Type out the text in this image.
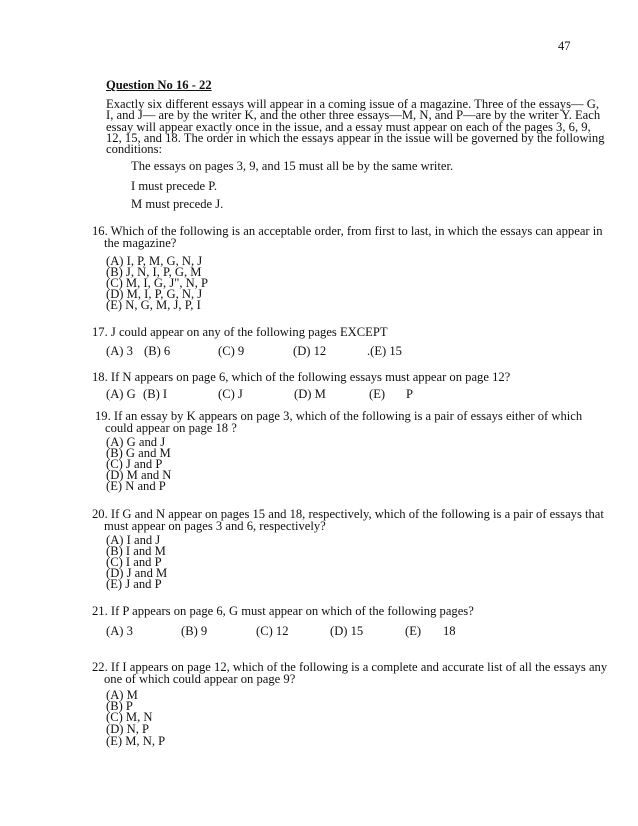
47
Question No 16 - 22
Exactly six different essays will appear in a coming issue of a magazine. Three of the essays— G, I, and J— are by the writer K, and the other three essays—M, N, and P—are by the writer Y. Each essay will appear exactly once in the issue, and a essay must appear on each of the pages 3, 6, 9, 12, 15, and 18. The order in which the essays appear in the issue will be governed by the following conditions:
The essays on pages 3, 9, and 15 must all be by the same writer.
I must precede P.
M must precede J.
16. Which of the following is an acceptable order, from first to last, in which the essays can appear in
the magazine?
(A) I, P, M, G, N, J
(B) J, N, I, P, G, M
(C) M, I, G, J", N, P
(D) M, I, P, G, N, J
(E) N, G, M, J, P, I
17. J could appear on any of the following pages EXCEPT
(A) 3 (B) 6	(C) 9	(D) 12	.(E) 15
18. If N appears on page 6, which of the following essays must appear on page 12?
(A) G (B) I	(C) J	(D) M	(E)	P
19. If an essay by K appears on page 3, which of the following is a pair of essays either of which
could appear on page 18 ?
(A) G and J
(B) G and M
(C) J and P
(D) M and N
(E) N and P
20. If G and N appear on pages 15 and 18, respectively, which of the following is a pair of essays that
must appear on pages 3 and 6, respectively?
(A) I and J
(B) I and M
(C) I and P
(D) J and M
(E) J and P
21. If P appears on page 6, G must appear on which of the following pages?
(A) 3	(B) 9	(C) 12	(D) 15	(E)	18
22. If I appears on page 12, which of the following is a complete and accurate list of all the essays any
one of which could appear on page 9?
(A) M
(B) P
(C) M, N
(D) N, P
(E) M, N, P
